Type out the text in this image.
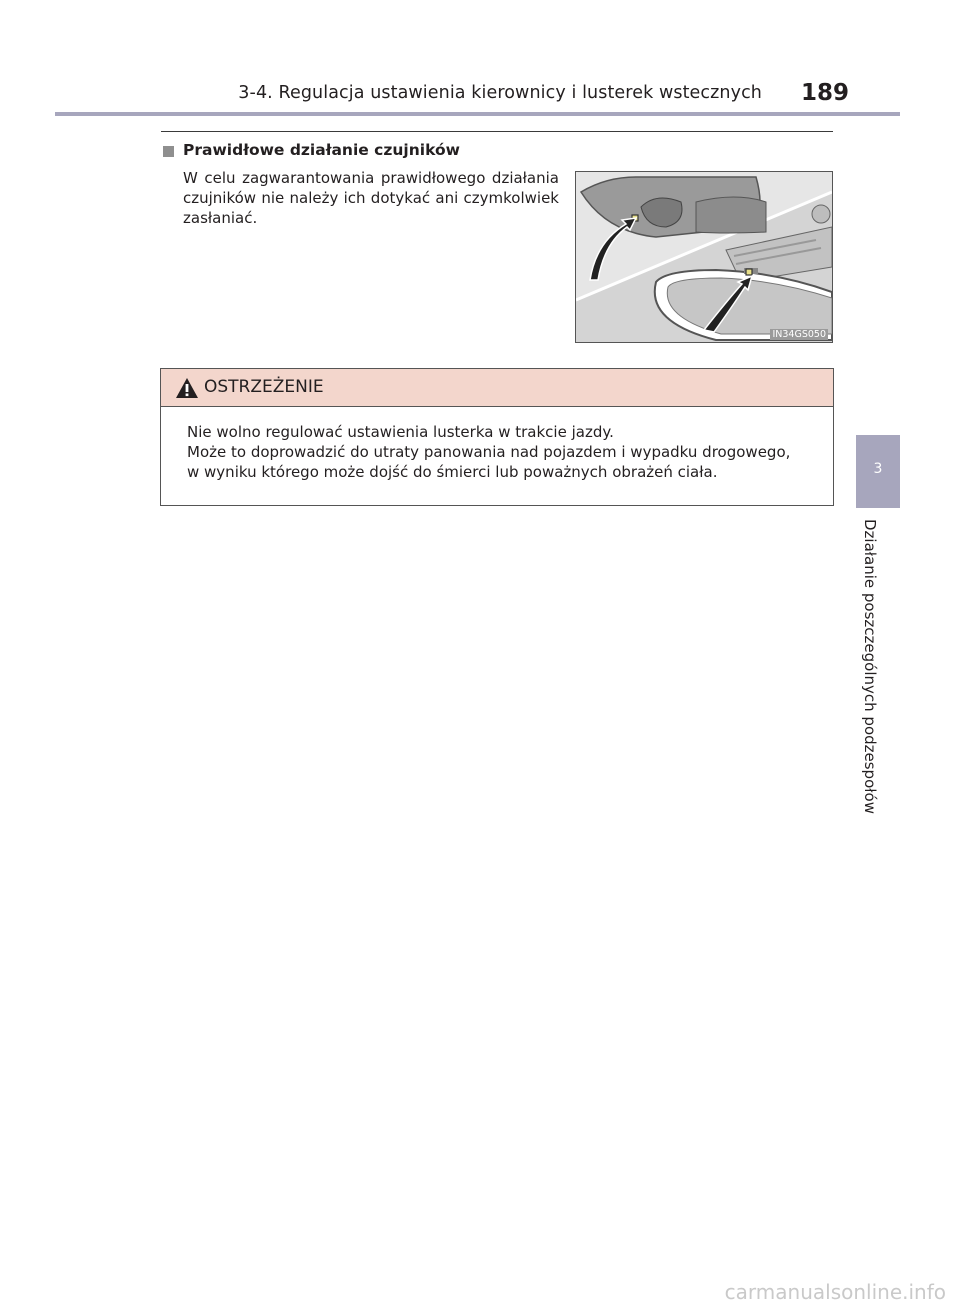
3-4. Regulacja ustawienia kierownicy i lusterek wstecznych 189
Prawidłowe działanie czujników
W celu zagwarantowania prawidłowego działania czujników nie należy ich dotykać ani czymkolwiek zasłaniać.
IN34GS050
OSTRZEŻENIE
Nie wolno regulować ustawienia lusterka w trakcie jazdy.
Może to doprowadzić do utraty panowania nad pojazdem i wypadku drogowego,
w wyniku którego może dojść do śmierci lub poważnych obrażeń ciała.	3
Działanie poszczególnych podzespołów
carmanualsonline.info
